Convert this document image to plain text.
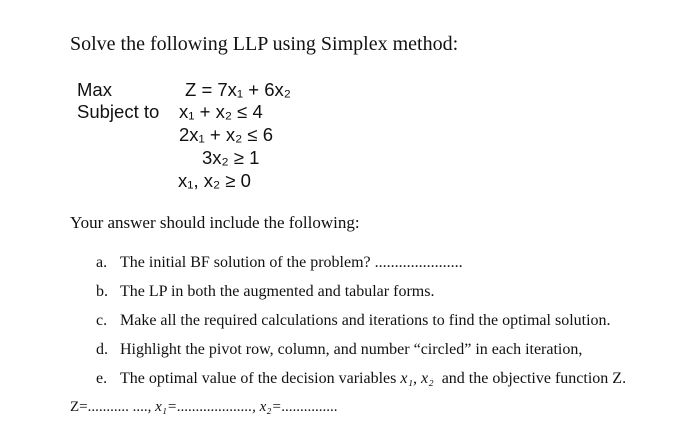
Solve the following LLP using Simplex method:
Max
Subject to
Z = 7x₁ + 6x₂
x₁ + x₂ ≤ 4
2x₁ + x₂ ≤ 6
3x₂ ≥ 1
x₁, x₂ ≥ 0
Your answer should include the following:
a. The initial BF solution of the problem? ......................
b. The LP in both the augmented and tabular forms.
c. Make all the required calculations and iterations to find the optimal solution.
d. Highlight the pivot row, column, and number “circled” in each iteration,
e. The optimal value of the decision variables x₁, x₂  and the objective function Z.
Z=........... ...., x₁=...................., x₂=...............
